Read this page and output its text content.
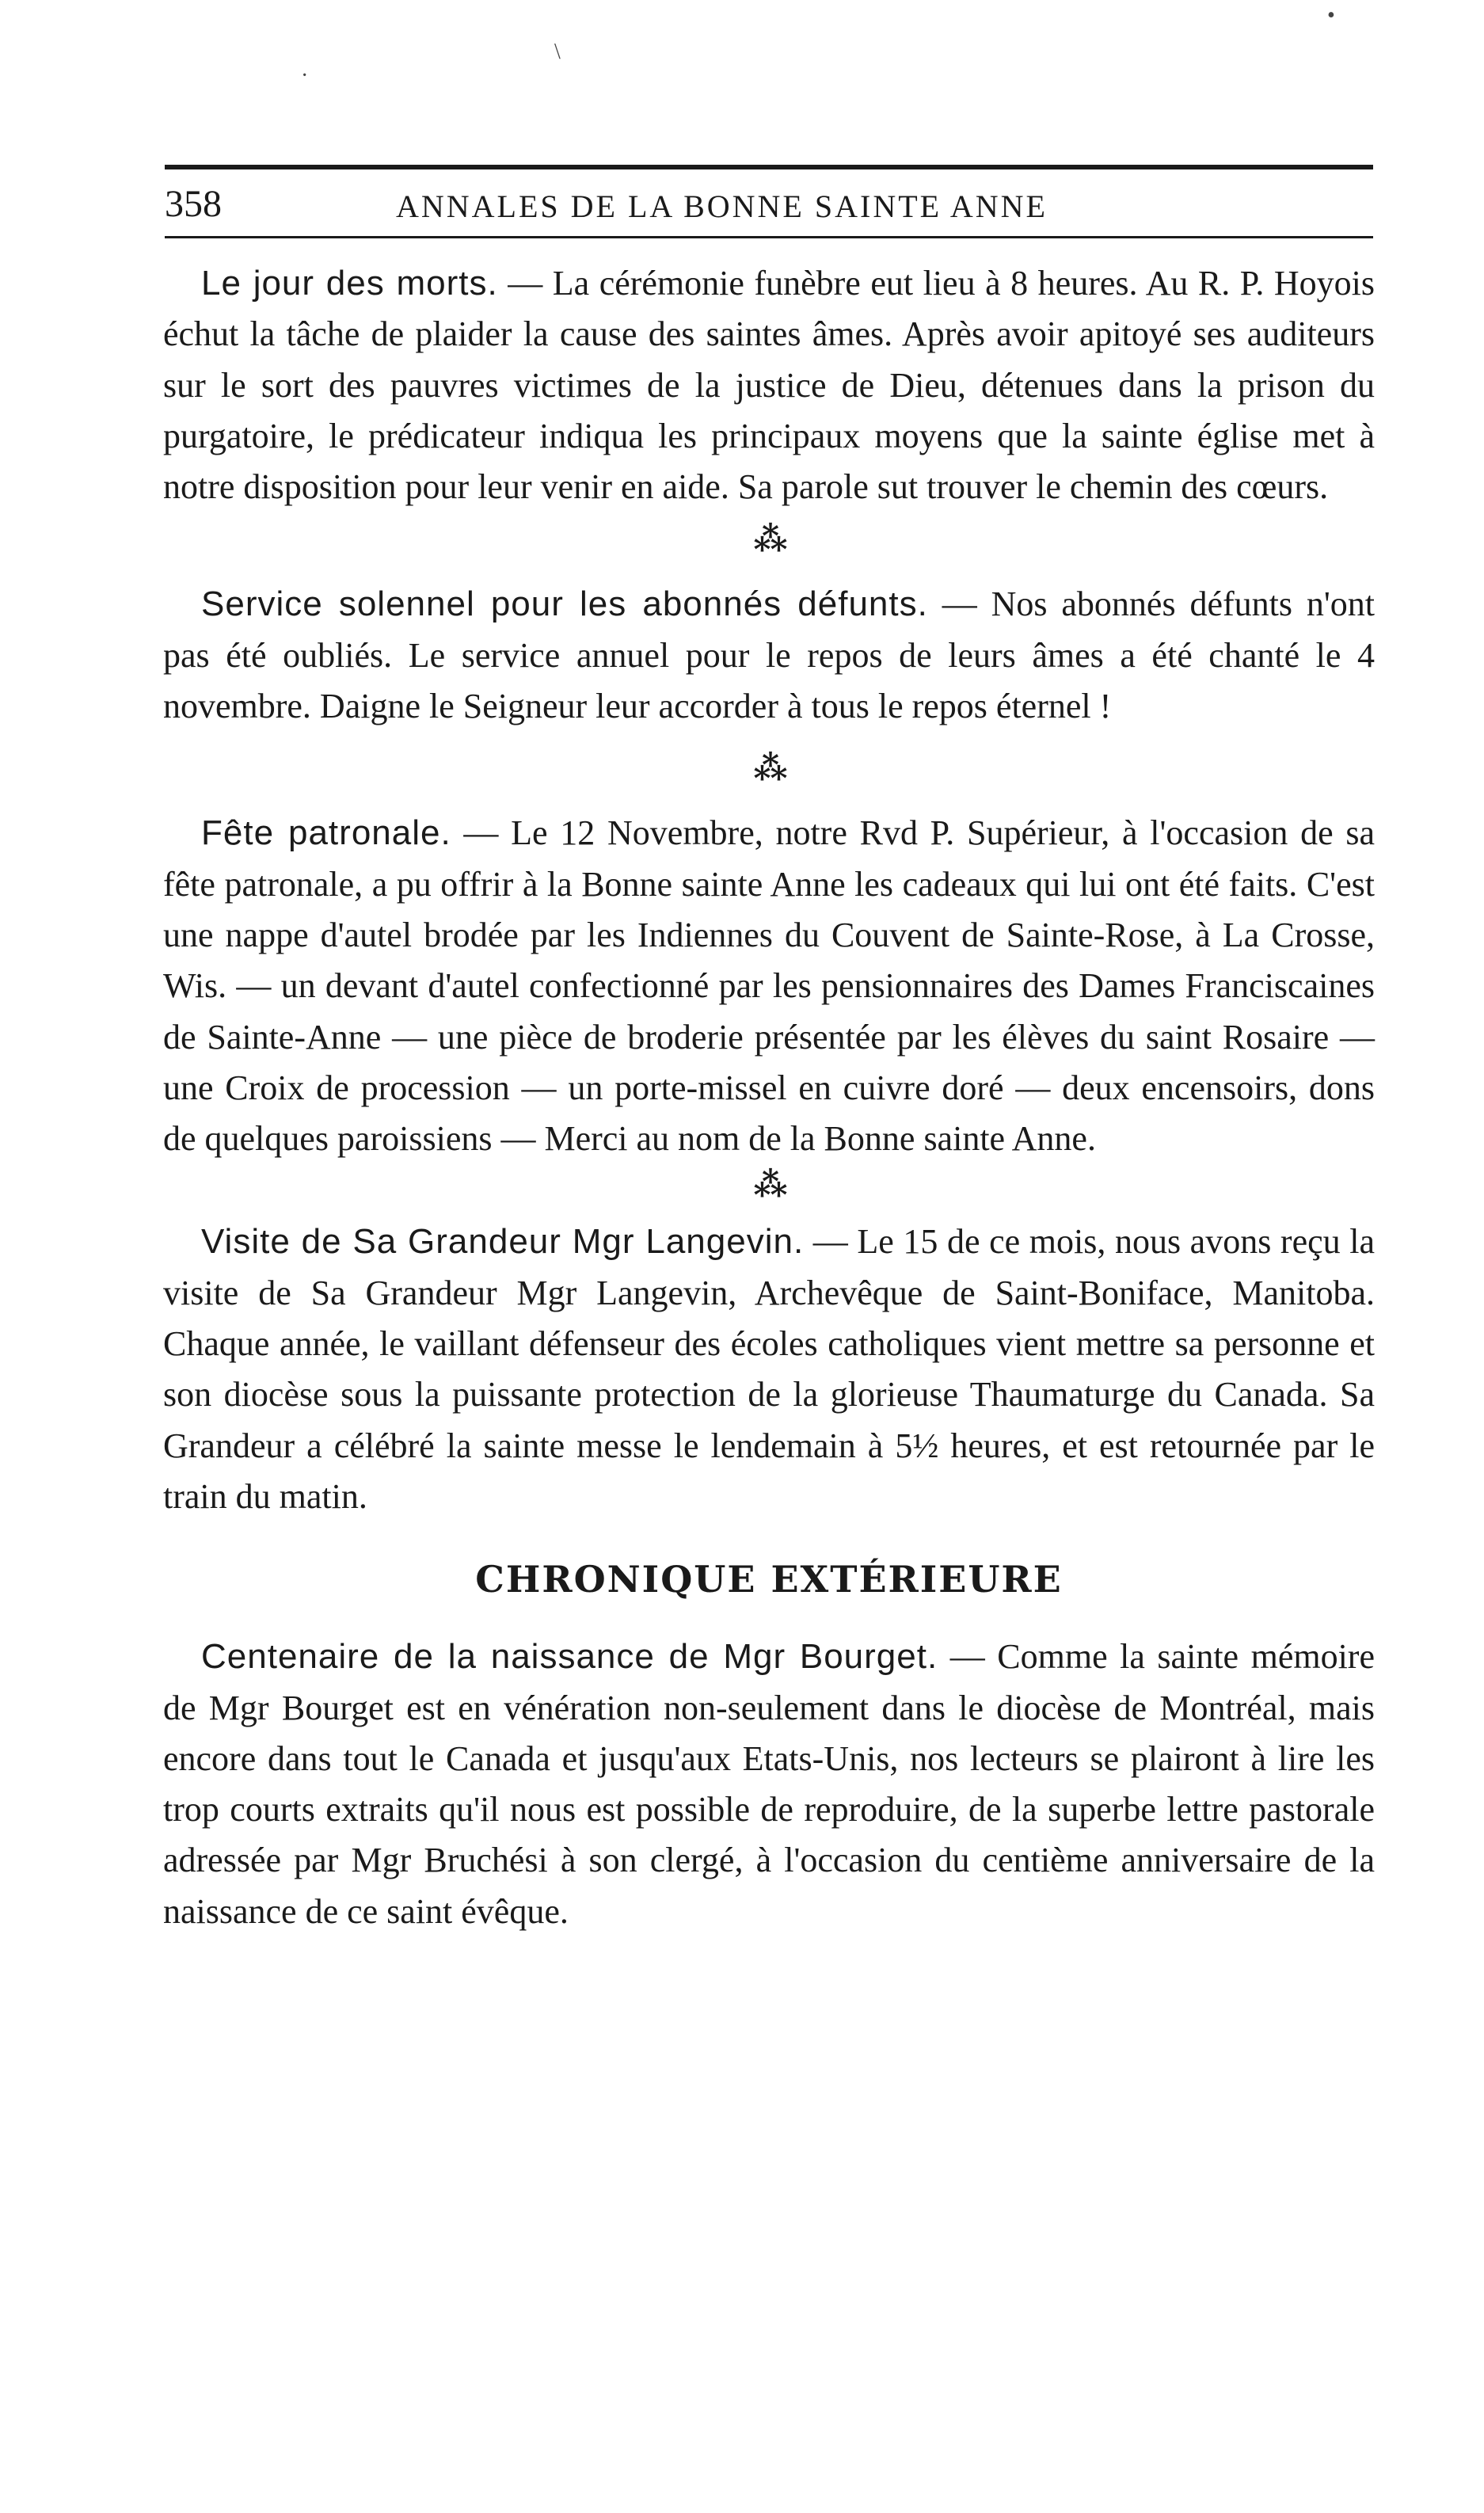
358	ANNALES DE LA BONNE SAINTE ANNE

Le jour des morts. — La cérémonie funèbre eut lieu à 8 heures. Au R. P. Hoyois échut la tâche de plaider la cause des saintes âmes. Après avoir apitoyé ses auditeurs sur le sort des pauvres victimes de la justice de Dieu, détenues dans la prison du purgatoire, le prédicateur indiqua les principaux moyens que la sainte église met à notre disposition pour leur venir en aide. Sa parole sut trouver le chemin des cœurs.

⁂

Service solennel pour les abonnés défunts. — Nos abonnés défunts n'ont pas été oubliés. Le service annuel pour le repos de leurs âmes a été chanté le 4 novembre. Daigne le Seigneur leur accorder à tous le repos éternel !

⁂

Fête patronale. — Le 12 Novembre, notre Rvd P. Supérieur, à l'occasion de sa fête patronale, a pu offrir à la Bonne sainte Anne les cadeaux qui lui ont été faits. C'est une nappe d'autel brodée par les Indiennes du Couvent de Sainte-Rose, à La Crosse, Wis. — un devant d'autel confectionné par les pensionnaires des Dames Franciscaines de Sainte-Anne — une pièce de broderie présentée par les élèves du saint Rosaire — une Croix de procession — un porte-missel en cuivre doré — deux encensoirs, dons de quelques paroissiens — Merci au nom de la Bonne sainte Anne.

⁂

Visite de Sa Grandeur Mgr Langevin. — Le 15 de ce mois, nous avons reçu la visite de Sa Grandeur Mgr Langevin, Archevêque de Saint-Boniface, Manitoba. Chaque année, le vaillant défenseur des écoles catholiques vient mettre sa personne et son diocèse sous la puissante protection de la glorieuse Thaumaturge du Canada. Sa Grandeur a célébré la sainte messe le lendemain à 5½ heures, et est retournée par le train du matin.

CHRONIQUE EXTÉRIEURE

Centenaire de la naissance de Mgr Bourget. — Comme la sainte mémoire de Mgr Bourget est en vénération non-seulement dans le diocèse de Montréal, mais encore dans tout le Canada et jusqu'aux Etats-Unis, nos lecteurs se plairont à lire les trop courts extraits qu'il nous est possible de reproduire, de la superbe lettre pastorale adressée par Mgr Bruchési à son clergé, à l'occasion du centième anniversaire de la naissance de ce saint évêque.

•
\
·
